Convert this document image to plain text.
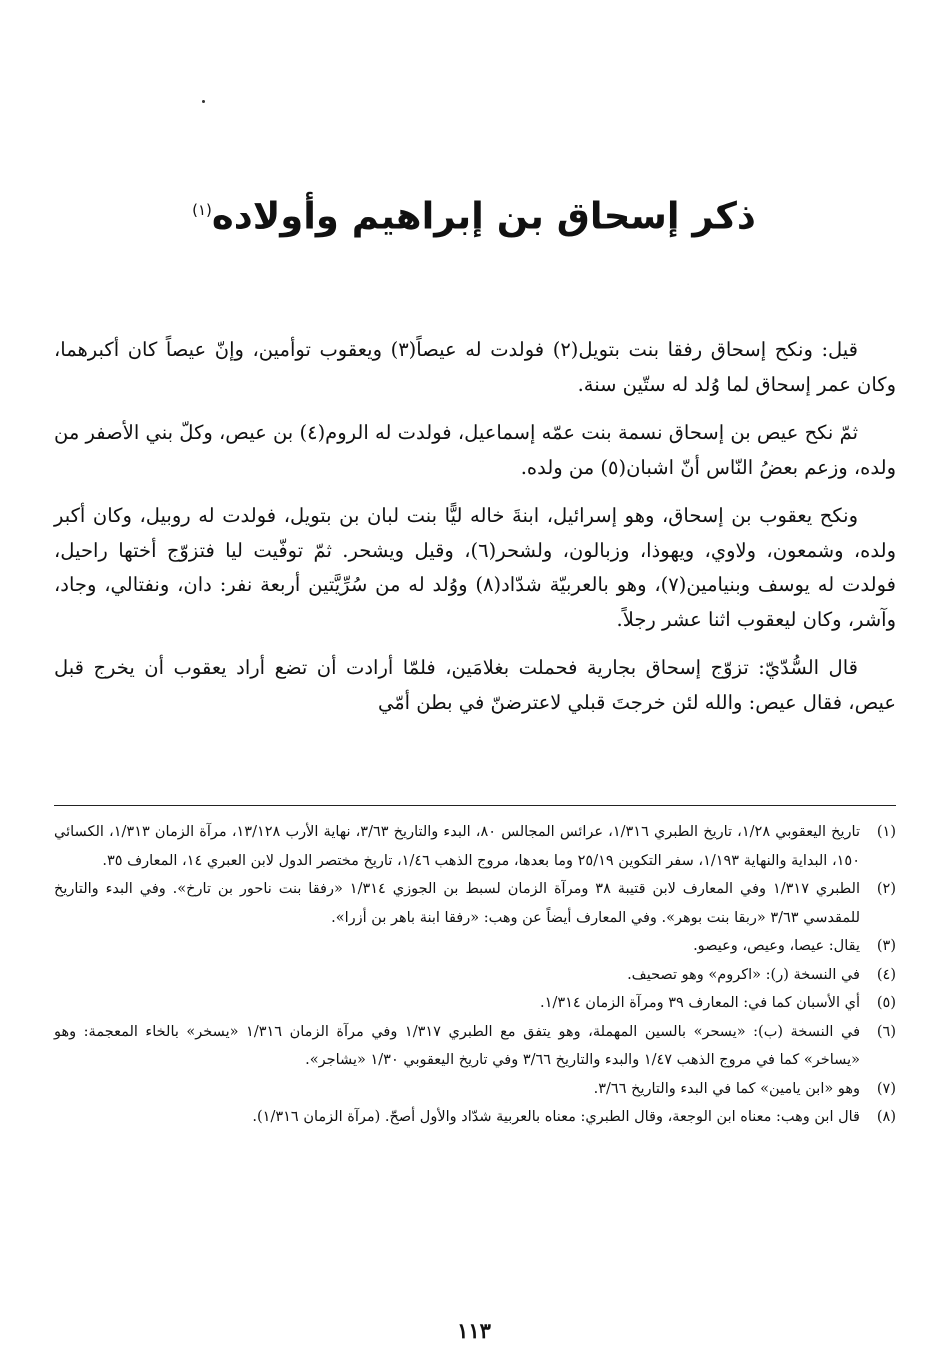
ذكر إسحاق بن إبراهيم وأولاده$^{(١)}$

قيل: ونكح إسحاق رفقا بنت بتويل(٢) فولدت له عيصاً(٣) ويعقوب توأمين، وإنّ عيصاً كان أكبرهما، وكان عمر إسحاق لما وُلد له ستّين سنة.

ثمّ نكح عيص بن إسحاق نسمة بنت عمّه إسماعيل، فولدت له الروم(٤) بن عيص، وكلّ بني الأصفر من ولده، وزعم بعضُ النّاس أنّ اشبان(٥) من ولده.

ونكح يعقوب بن إسحاق، وهو إسرائيل، ابنةَ خاله ليًّا بنت لبان بن بتويل، فولدت له روبيل، وكان أكبر ولده، وشمعون، ولاوي، ويهوذا، وزبالون، ولشحر(٦)، وقيل ويشحر. ثمّ توفّيت ليا فتزوّج أختها راحيل، فولدت له يوسف وبنيامين(٧)، وهو بالعربيّة شدّاد(٨) ووُلد له من سُرِّيَّتين أربعة نفر: دان، ونفتالي، وجاد، وآشر، وكان ليعقوب اثنا عشر رجلاً.

قال السُّدّيّ: تزوّج إسحاق بجارية فحملت بغلامَين، فلمّا أرادت أن تضع أراد يعقوب أن يخرج قبل عيص، فقال عيص: والله لئن خرجتَ قبلي لاعترضنّ في بطن أمّي

(١)
تاريخ اليعقوبي ١/٢٨، تاريخ الطبري ١/٣١٦، عرائس المجالس ٨٠، البدء والتاريخ ٣/٦٣، نهاية الأرب ١٣/١٢٨، مرآة الزمان ١/٣١٣، الكسائي ١٥٠، البداية والنهاية ١/١٩٣، سفر التكوين ٢٥/١٩ وما بعدها، مروج الذهب ١/٤٦، تاريخ مختصر الدول لابن العبري ١٤، المعارف ٣٥.
(٢)
الطبري ١/٣١٧ وفي المعارف لابن قتيبة ٣٨ ومرآة الزمان لسبط بن الجوزي ١/٣١٤ «رفقا بنت ناحور بن تارخ». وفي البدء والتاريخ للمقدسي ٣/٦٣ «ربقا بنت بوهر». وفي المعارف أيضاً عن وهب: «رفقا ابنة باهر بن أزرا».
(٣)
يقال: عيصا، وعيص، وعيصو.
(٤)
في النسخة (ر): «اكروم» وهو تصحيف.
(٥)
أي الأسبان كما في: المعارف ٣٩ ومرآة الزمان ١/٣١٤.
(٦)
في النسخة (ب): «يسحر» بالسين المهملة، وهو يتفق مع الطبري ١/٣١٧ وفي مرآة الزمان ١/٣١٦ «يسخر» بالخاء المعجمة: وهو «يساخر» كما في مروج الذهب ١/٤٧ والبدء والتاريخ ٣/٦٦ وفي تاريخ اليعقوبي ١/٣٠ «يشاجر».
(٧)
وهو «ابن يامين» كما في البدء والتاريخ ٣/٦٦.
(٨)
قال ابن وهب: معناه ابن الوجعة، وقال الطبري: معناه بالعربية شدّاد والأول أصحّ. (مرآة الزمان ١/٣١٦).
١١٣
